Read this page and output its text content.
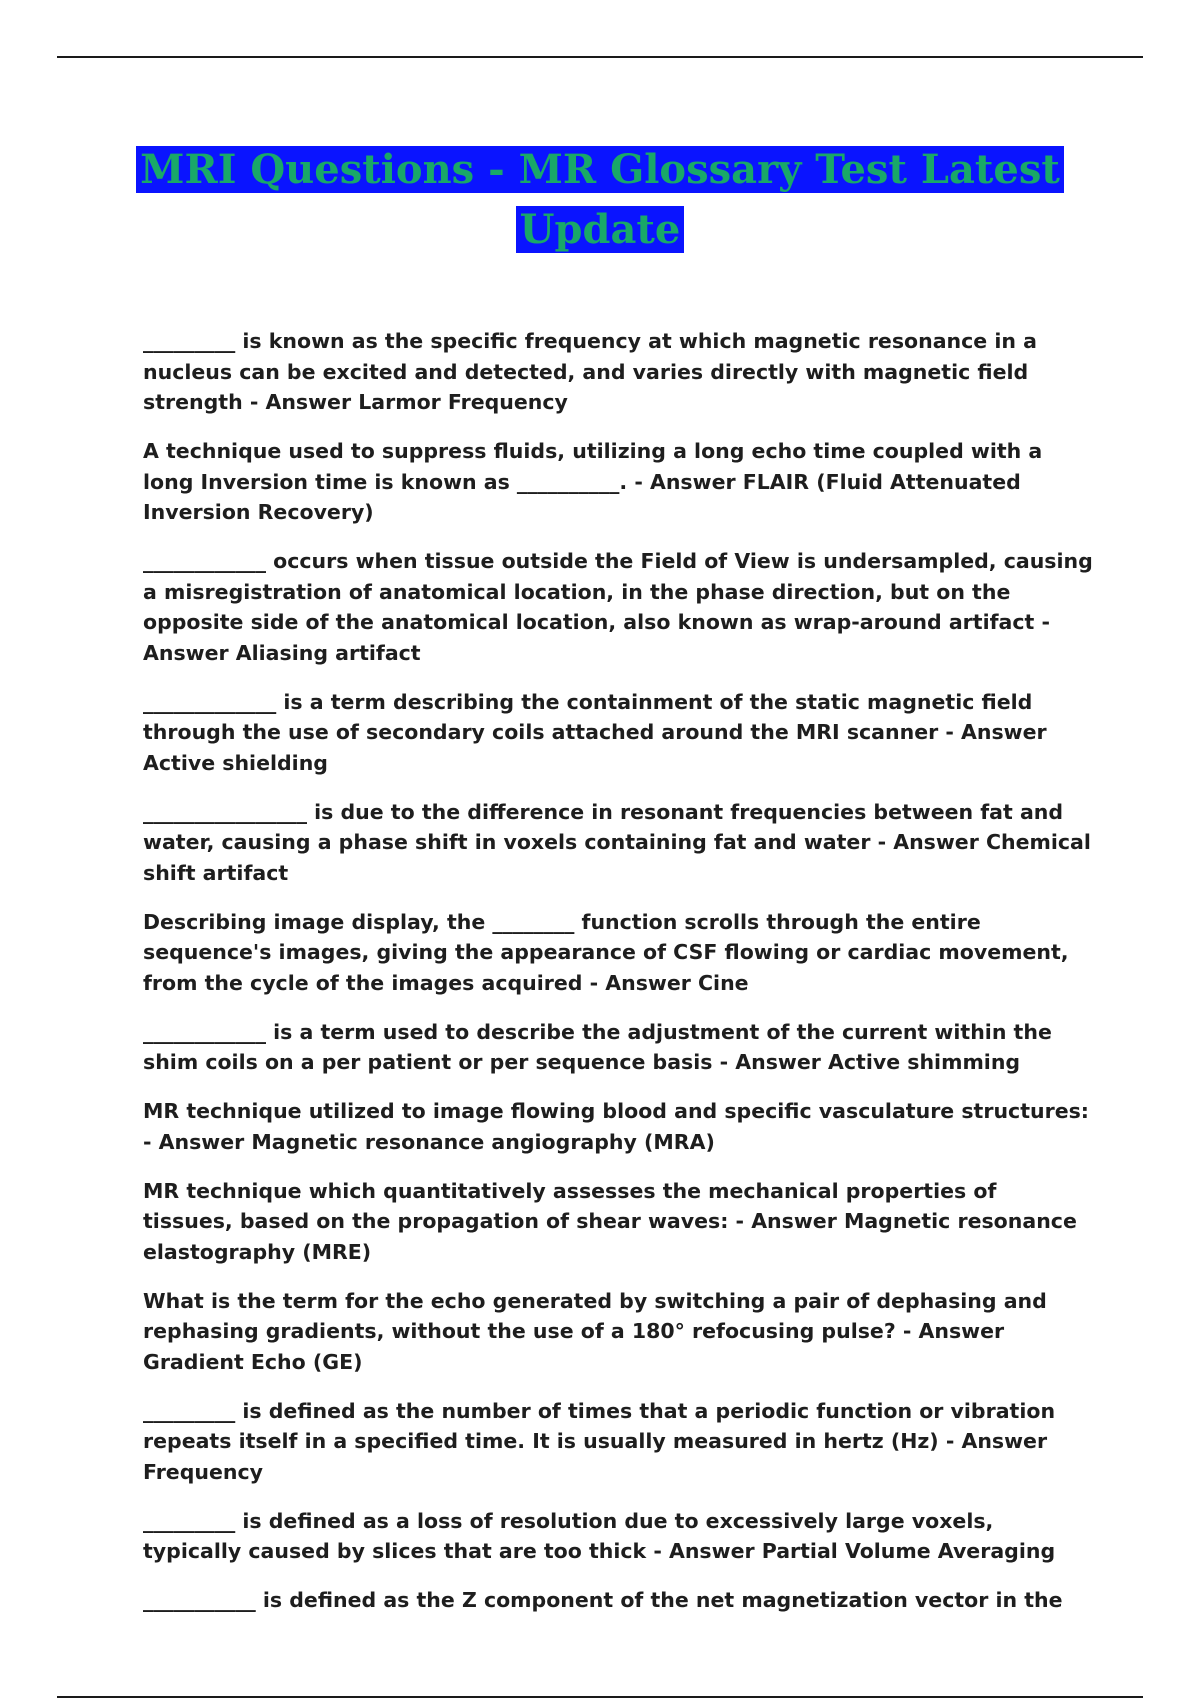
MRI Questions - MR Glossary Test Latest Update

_________ is known as the specific frequency at which magnetic resonance in a nucleus can be excited and detected, and varies directly with magnetic field strength - Answer Larmor Frequency

A technique used to suppress fluids, utilizing a long echo time coupled with a long Inversion time is known as __________. - Answer FLAIR (Fluid Attenuated Inversion Recovery)

____________ occurs when tissue outside the Field of View is undersampled, causing a misregistration of anatomical location, in the phase direction, but on the opposite side of the anatomical location, also known as wrap-around artifact - Answer Aliasing artifact

_____________ is a term describing the containment of the static magnetic field through the use of secondary coils attached around the MRI scanner - Answer Active shielding

________________ is due to the difference in resonant frequencies between fat and water, causing a phase shift in voxels containing fat and water - Answer Chemical shift artifact

Describing image display, the ________ function scrolls through the entire sequence's images, giving the appearance of CSF flowing or cardiac movement, from the cycle of the images acquired - Answer Cine

____________ is a term used to describe the adjustment of the current within the shim coils on a per patient or per sequence basis - Answer Active shimming

MR technique utilized to image flowing blood and specific vasculature structures: - Answer Magnetic resonance angiography (MRA)

MR technique which quantitatively assesses the mechanical properties of tissues, based on the propagation of shear waves: - Answer Magnetic resonance elastography (MRE)

What is the term for the echo generated by switching a pair of dephasing and rephasing gradients, without the use of a 180° refocusing pulse? - Answer Gradient Echo (GE)

_________ is defined as the number of times that a periodic function or vibration repeats itself in a specified time. It is usually measured in hertz (Hz) - Answer Frequency

_________ is defined as a loss of resolution due to excessively large voxels, typically caused by slices that are too thick - Answer Partial Volume Averaging

___________ is defined as the Z component of the net magnetization vector in the
